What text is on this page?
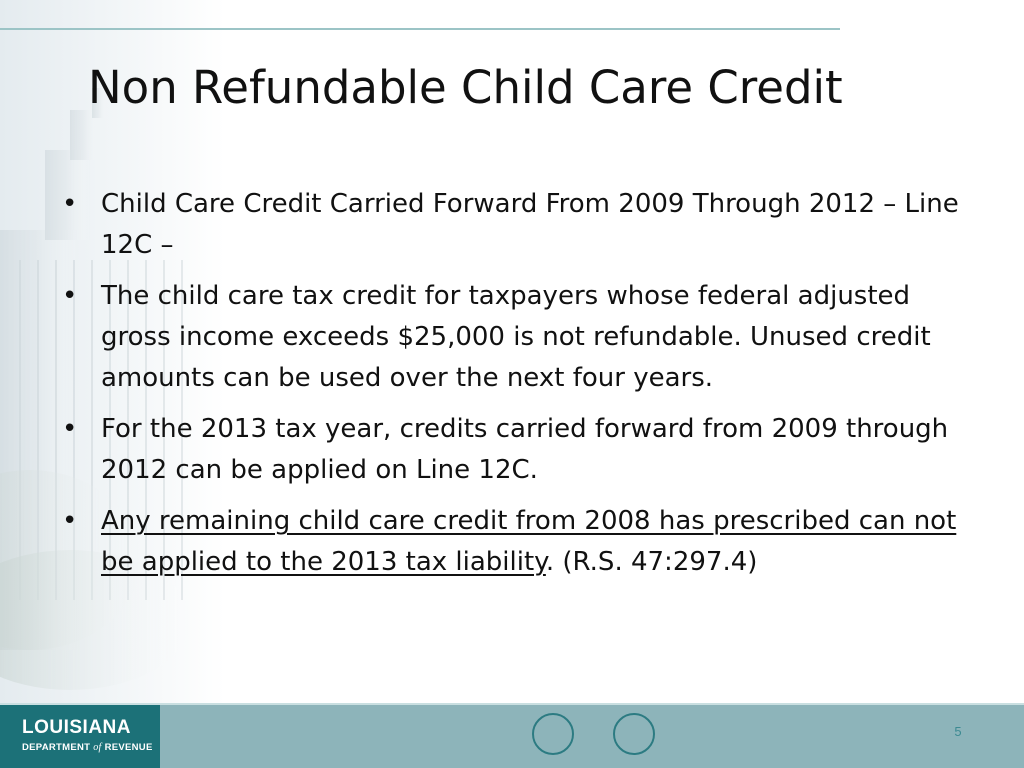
Non Refundable Child Care Credit
• Child Care Credit Carried Forward From 2009 Through 2012 – Line 12C –
• The child care tax credit for taxpayers whose federal adjusted gross income exceeds $25,000 is not refundable. Unused credit amounts can be used over the next four years.
• For the 2013 tax year, credits carried forward from 2009 through 2012 can be applied on Line 12C.
• Any remaining child care credit from 2008 has prescribed can not be applied to the 2013 tax liability. (R.S. 47:297.4)
LOUISIANA
DEPARTMENT of REVENUE
5
